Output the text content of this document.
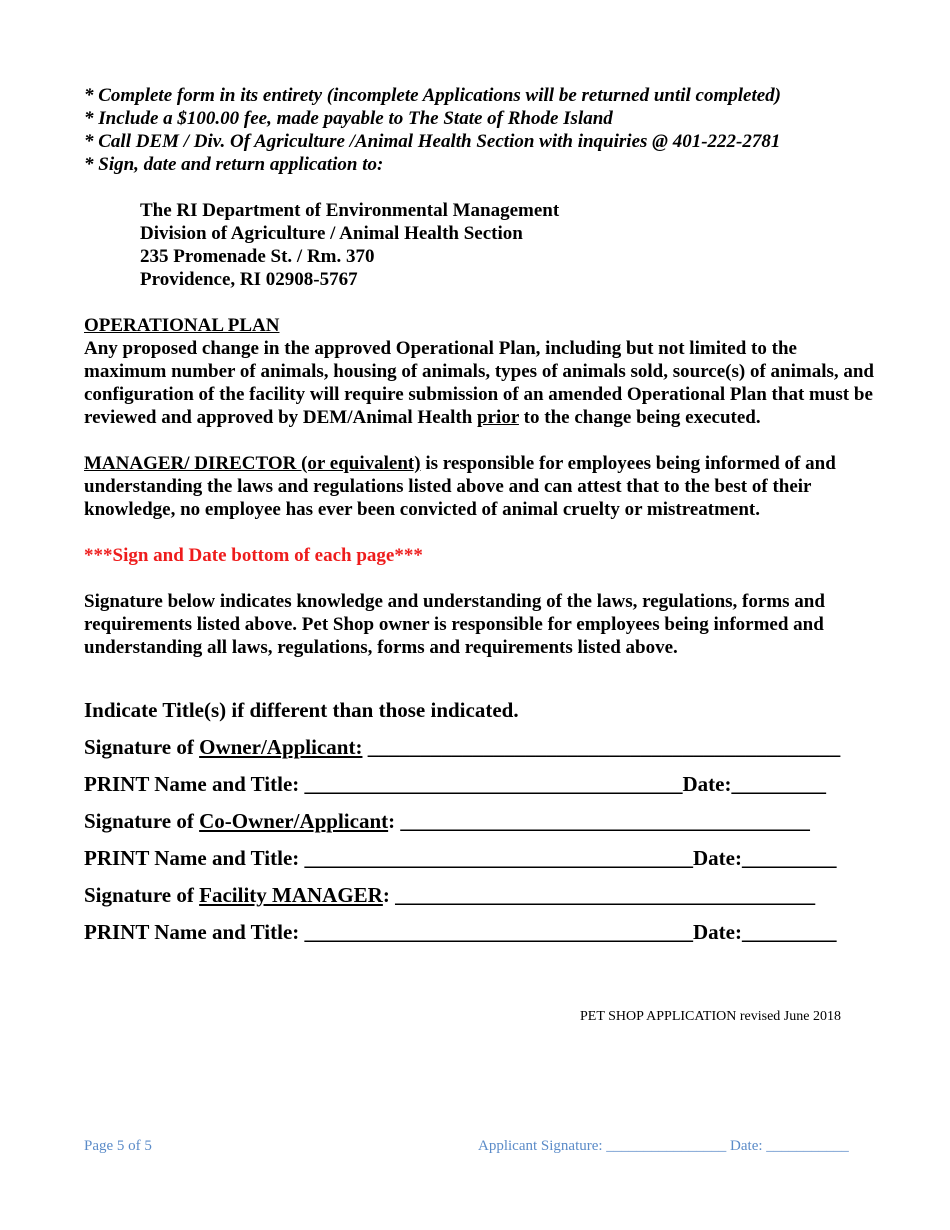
* Complete form in its entirety (incomplete Applications will be returned until completed)
* Include a $100.00 fee, made payable to The State of Rhode Island
* Call DEM / Div. Of Agriculture /Animal Health Section with inquiries @ 401-222-2781
* Sign, date and return application to:
The RI Department of Environmental Management
Division of Agriculture / Animal Health Section
235 Promenade St. / Rm. 370
Providence, RI 02908-5767
OPERATIONAL PLAN
Any proposed change in the approved Operational Plan, including but not limited to the maximum number of animals, housing of animals, types of animals sold, source(s) of animals, and configuration of the facility will require submission of an amended Operational Plan that must be reviewed and approved by DEM/Animal Health prior to the change being executed.
MANAGER/ DIRECTOR (or equivalent) is responsible for employees being informed of and understanding the laws and regulations listed above and can attest that to the best of their knowledge, no employee has ever been convicted of animal cruelty or mistreatment.
***Sign and Date bottom of each page***
Signature below indicates knowledge and understanding of the laws, regulations, forms and requirements listed above. Pet Shop owner is responsible for employees being informed and understanding all laws, regulations, forms and requirements listed above.
Indicate Title(s) if different than those indicated.
Signature of Owner/Applicant: _____________________________________________
PRINT Name and Title: ____________________________________Date:_________
Signature of Co-Owner/Applicant: _______________________________________
PRINT Name and Title: _____________________________________Date:_________
Signature of Facility MANAGER: ________________________________________
PRINT Name and Title: _____________________________________Date:_________
PET SHOP APPLICATION revised June 2018
Page 5 of 5	Applicant Signature: ________________ Date: ___________
